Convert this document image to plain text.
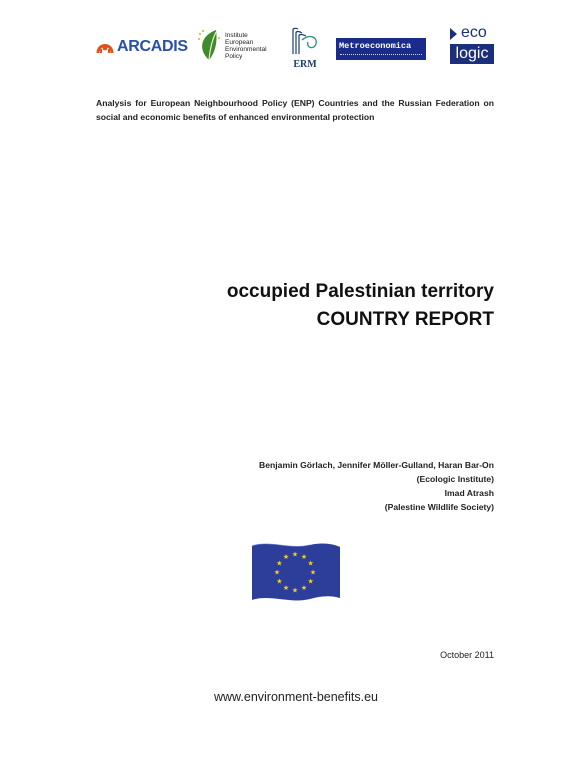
ARCADIS
Institute
European
Environmental
Policy
ERM
Metroeconomica
eco
logic
Analysis for European Neighbourhood Policy (ENP) Countries and the Russian Federation on social and economic benefits of enhanced environmental protection
occupied Palestinian territory
COUNTRY REPORT
Benjamin Görlach, Jennifer Möller-Gulland, Haran Bar-On
(Ecologic Institute)
Imad Atrash
(Palestine Wildlife Society)
★ ★
★
★
★
★
★
★
★
★
★
★
October 2011
www.environment-benefits.eu
